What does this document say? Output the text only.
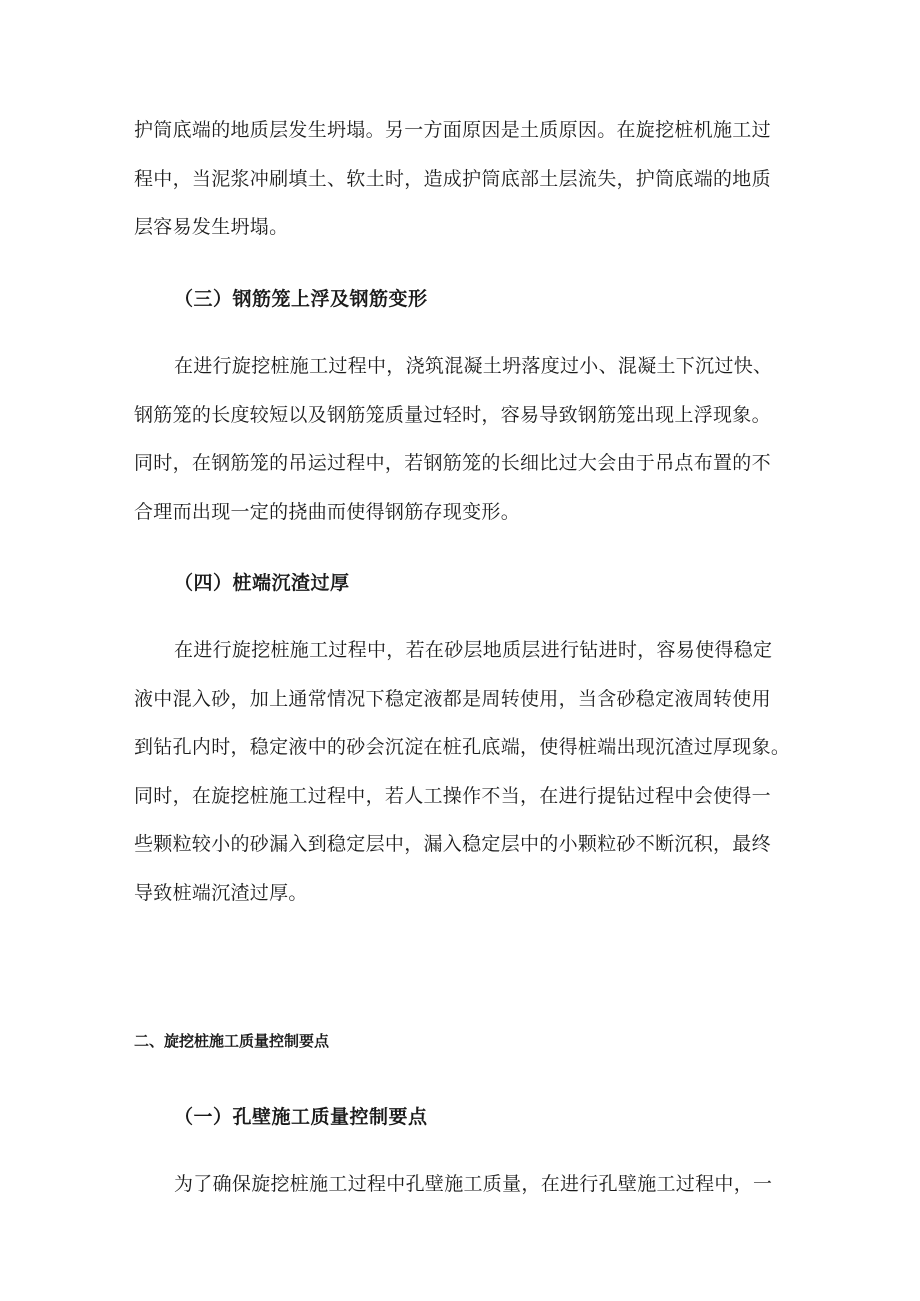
护筒底端的地质层发生坍塌。另一方面原因是土质原因。在旋挖桩机施工过
程中，当泥浆冲刷填土、软土时，造成护筒底部土层流失，护筒底端的地质
层容易发生坍塌。
（三）钢筋笼上浮及钢筋变形
在进行旋挖桩施工过程中，浇筑混凝土坍落度过小、混凝土下沉过快、
钢筋笼的长度较短以及钢筋笼质量过轻时，容易导致钢筋笼出现上浮现象。
同时，在钢筋笼的吊运过程中，若钢筋笼的长细比过大会由于吊点布置的不
合理而出现一定的挠曲而使得钢筋存现变形。
（四）桩端沉渣过厚
在进行旋挖桩施工过程中，若在砂层地质层进行钻进时，容易使得稳定
液中混入砂，加上通常情况下稳定液都是周转使用，当含砂稳定液周转使用
到钻孔内时，稳定液中的砂会沉淀在桩孔底端，使得桩端出现沉渣过厚现象。
同时，在旋挖桩施工过程中，若人工操作不当，在进行提钻过程中会使得一
些颗粒较小的砂漏入到稳定层中，漏入稳定层中的小颗粒砂不断沉积，最终
导致桩端沉渣过厚。
二、旋挖桩施工质量控制要点
（一）孔壁施工质量控制要点
为了确保旋挖桩施工过程中孔壁施工质量，在进行孔壁施工过程中，一
